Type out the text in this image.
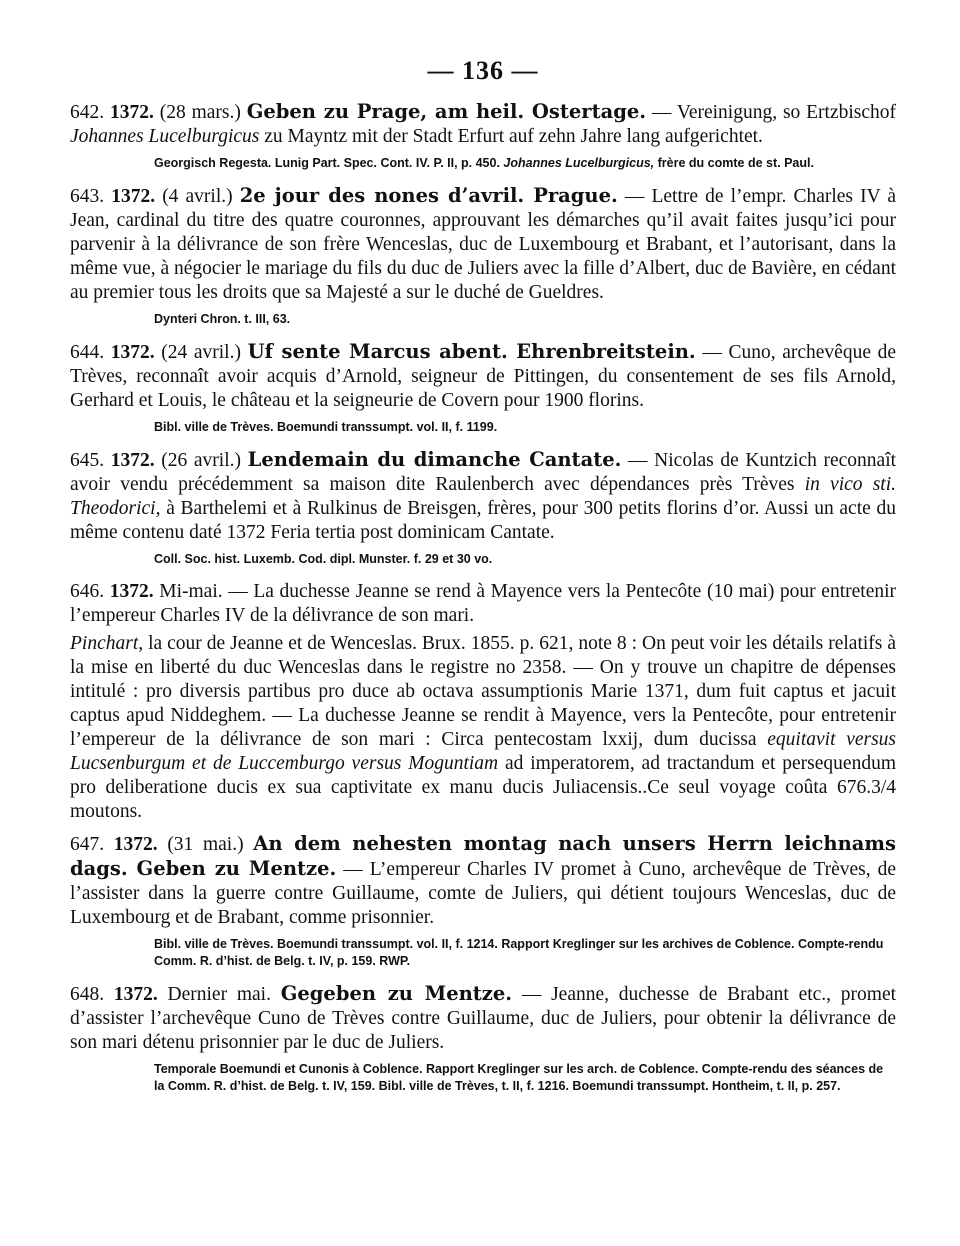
— 136 —

642. 1372. (28 mars.) Geben zu Prage, am heil. Ostertage. — Vereinigung, so Ertzbischof Johannes Lucelburgicus zu Mayntz mit der Stadt Erfurt auf zehn Jahre lang aufgerichtet.

Georgisch Regesta. Lunig Part. Spec. Cont. IV. P. II, p. 450. Johannes Lucelburgicus, frère du comte de st. Paul.

643. 1372. (4 avril.) 2e jour des nones d’avril. Prague. — Lettre de l’empr. Charles IV à Jean, cardinal du titre des quatre couronnes, approuvant les démarches qu’il avait faites jusqu’ici pour parvenir à la délivrance de son frère Wenceslas, duc de Luxembourg et Brabant, et l’autorisant, dans la même vue, à négocier le mariage du fils du duc de Juliers avec la fille d’Albert, duc de Bavière, en cédant au premier tous les droits que sa Majesté a sur le duché de Gueldres.

Dynteri Chron. t. III, 63.

644. 1372. (24 avril.) Uf sente Marcus abent. Ehrenbreitstein. — Cuno, archevêque de Trèves, reconnaît avoir acquis d’Arnold, seigneur de Pittingen, du consentement de ses fils Arnold, Gerhard et Louis, le château et la seigneurie de Covern pour 1900 florins.

Bibl. ville de Trèves. Boemundi transsumpt. vol. II, f. 1199.

645. 1372. (26 avril.) Lendemain du dimanche Cantate. — Nicolas de Kuntzich reconnaît avoir vendu précédemment sa maison dite Raulenberch avec dépendances près Trèves in vico sti. Theodorici, à Barthelemi et à Rulkinus de Breisgen, frères, pour 300 petits florins d’or. Aussi un acte du même contenu daté 1372 Feria tertia post dominicam Cantate.

Coll. Soc. hist. Luxemb. Cod. dipl. Munster. f. 29 et 30 vo.

646. 1372. Mi-mai. — La duchesse Jeanne se rend à Mayence vers la Pentecôte (10 mai) pour entretenir l’empereur Charles IV de la délivrance de son mari.

Pinchart, la cour de Jeanne et de Wenceslas. Brux. 1855. p. 621, note 8 : On peut voir les détails relatifs à la mise en liberté du duc Wenceslas dans le registre no 2358. — On y trouve un chapitre de dépenses intitulé : pro diversis partibus pro duce ab octava assumptionis Marie 1371, dum fuit captus et jacuit captus apud Niddeghem. — La duchesse Jeanne se rendit à Mayence, vers la Pentecôte, pour entretenir l’empereur de la délivrance de son mari : Circa pentecostam lxxij, dum ducissa equitavit versus Lucsenburgum et de Luccemburgo versus Moguntiam ad imperatorem, ad tractandum et persequendum pro deliberatione ducis ex sua captivitate ex manu ducis Juliacensis..Ce seul voyage coûta 676.3/4 moutons.

647. 1372. (31 mai.) An dem nehesten montag nach unsers Herrn leichnams dags. Geben zu Mentze. — L’empereur Charles IV promet à Cuno, archevêque de Trèves, de l’assister dans la guerre contre Guillaume, comte de Juliers, qui détient toujours Wenceslas, duc de Luxembourg et de Brabant, comme prisonnier.

Bibl. ville de Trèves. Boemundi transsumpt. vol. II, f. 1214. Rapport Kreglinger sur les archives de Coblence. Compte-rendu Comm. R. d’hist. de Belg. t. IV, p. 159. RWP.

648. 1372. Dernier mai. Gegeben zu Mentze. — Jeanne, duchesse de Brabant etc., promet d’assister l’archevêque Cuno de Trèves contre Guillaume, duc de Juliers, pour obtenir la délivrance de son mari détenu prisonnier par le duc de Juliers.

Temporale Boemundi et Cunonis à Coblence. Rapport Kreglinger sur les arch. de Coblence. Compte-rendu des séances de la Comm. R. d’hist. de Belg. t. IV, 159. Bibl. ville de Trèves, t. II, f. 1216. Boemundi transsumpt. Hontheim, t. II, p. 257.
